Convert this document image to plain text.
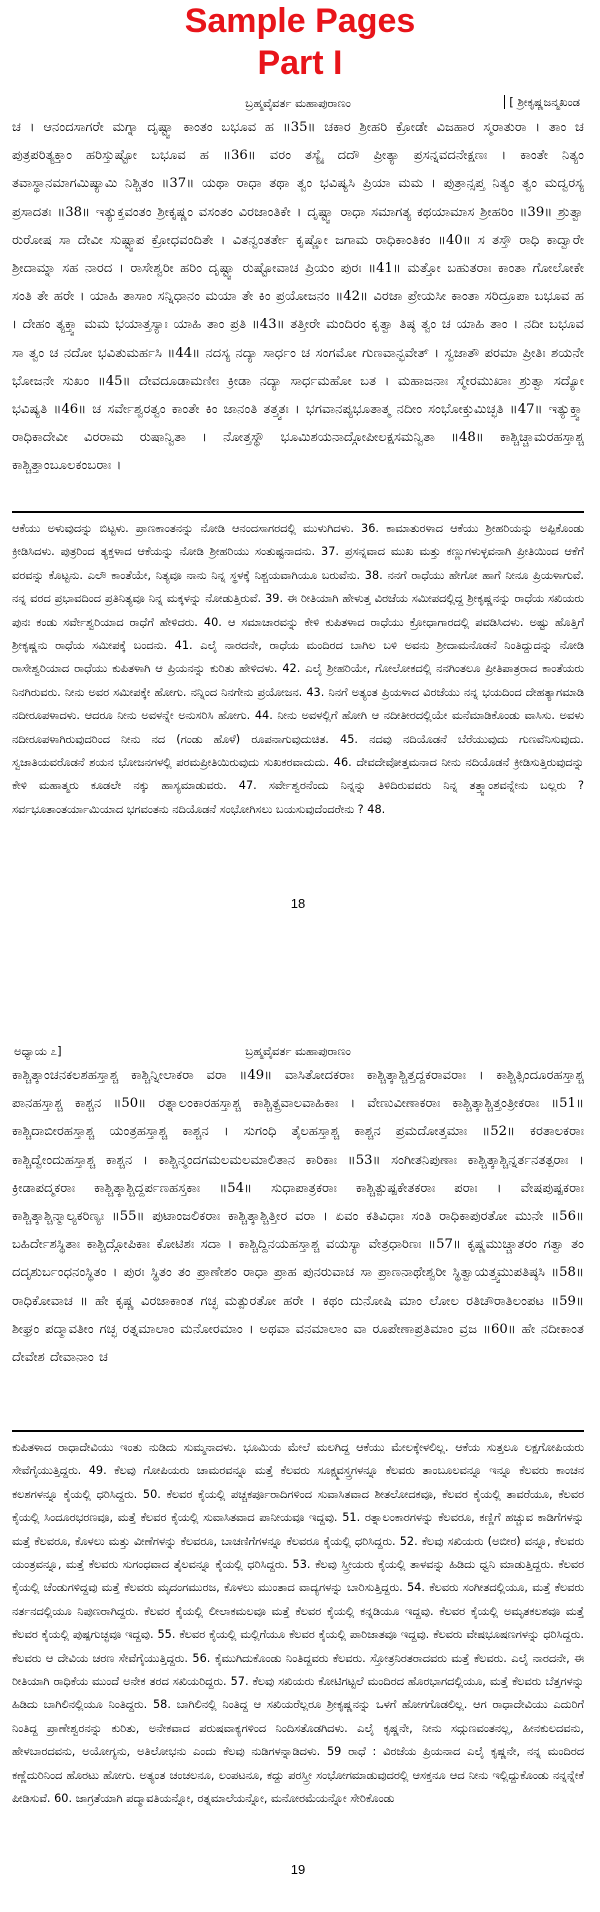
Sample Pages
Part I
ಬ್ರಹ್ಮವೈವರ್ತ ಮಹಾಪುರಾಣಂ	[ ಶ್ರೀಕೃಷ್ಣಜನ್ಮಖಂಡ

ಚ । ಆನಂದಸಾಗರೇ ಮಗ್ನಾ ದೃಷ್ಟ್ವಾ ಕಾಂತಂ ಬಭೂವ ಹ ॥35॥ ಚಕಾರ ಶ್ರೀಹರಿ ಕ್ರೋಡೇ ವಿಜಹಾರ ಸ್ಮರಾತುರಾ । ತಾಂ ಚ ಪುತ್ರಪರಿತ್ಯಕ್ತಾಂ ಹರಿಸ್ತುಷ್ಟೋ ಬಭೂವ ಹ ॥36॥ ವರಂ ತಸ್ಯೈ ದದೌ ಪ್ರೀತ್ಯಾ ಪ್ರಸನ್ನವದನೇಕ್ಷಣಃ । ಕಾಂತೇ ನಿತ್ಯಂ ತವಾಸ್ಥಾನಮಾಗಮಿಷ್ಯಾಮಿ ನಿಶ್ಚಿತಂ ॥37॥ ಯಥಾ ರಾಧಾ ತಥಾ ತ್ವಂ ಭವಿಷ್ಯಸಿ ಪ್ರಿಯಾ ಮಮ । ಪುತ್ರಾನ್ಸಪ್ತ ನಿತ್ಯಂ ತ್ವಂ ಮದ್ವರಸ್ಯ ಪ್ರಸಾದತಃ ॥38॥ ಇತ್ಯುಕ್ತವಂತಂ ಶ್ರೀಕೃಷ್ಣಂ ವಸಂತಂ ವಿರಜಾಂತಿಕೇ । ದೃಷ್ಟ್ವಾ ರಾಧಾ ಸಮಾಗತ್ಯ ಕಥಯಾಮಾಸ ಶ್ರೀಹರಿಂ ॥39॥ ಶ್ರುತ್ವಾ ರುರೋಷ ಸಾ ದೇವೀ ಸುಷ್ಟ್ವಾಪ ಕ್ರೋಧವಂದಿತೇ । ವಿತನ್ವಂತರ್ತೇ ಕೃಷ್ಣೋ ಜಗಾಮ ರಾಧಿಕಾಂತಿಕಂ ॥40॥ ಸ ತಸ್ತೌ ರಾಧಿ ಕಾದ್ವಾರೇ ಶ್ರೀದಾಮ್ನಾ ಸಹ ನಾರದ । ರಾಸೇಶ್ವರೀ ಹರಿಂ ದೃಷ್ಟ್ವಾ ರುಷ್ಟೋವಾಚ ಪ್ರಿಯಂ ಪುರಃ ॥41॥ ಮತ್ತೋ ಬಹುತರಾಃ ಕಾಂತಾ ಗೋಲೋಕೇ ಸಂತಿ ತೇ ಹರೇ । ಯಾಹಿ ತಾಸಾಂ ಸನ್ನಿಧಾನಂ ಮಯಾ ತೇ ಕಿಂ ಪ್ರಯೋಜನಂ ॥42॥ ವಿರಜಾ ಪ್ರೇಯಸೀ ಕಾಂತಾ ಸರಿದ್ರೂಪಾ ಬಭೂವ ಹ । ದೇಹಂ ತ್ಯಕ್ತ್ವಾ ಮಮ ಭಯಾತ್ತಸ್ಯಾಃ ಯಾಹಿ ತಾಂ ಪ್ರತಿ ॥43॥ ತತ್ತೀರೇ ಮಂದಿರಂ ಕೃತ್ವಾ ತಿಷ್ಠ ತ್ವಂ ಚ ಯಾಹಿ ತಾಂ । ನದೀ ಬಭೂವ ಸಾ ತ್ವಂ ಚ ನದೋ ಭವಿತುಮರ್ಹಸಿ ॥44॥ ನದಸ್ಯ ನದ್ಯಾ ಸಾರ್ಧಂ ಚ ಸಂಗಮೋ ಗುಣವಾನ್ಭವೇತ್ । ಸ್ವಜಾತೌ ಪರಮಾ ಪ್ರೀತಿಃ ಶಯನೇ ಭೋಜನೇ ಸುಖಂ ॥45॥ ದೇವದೂಡಾಮಣೀಃ ಕ್ರೀಡಾ ನದ್ಯಾ ಸಾರ್ಧಮಹೋ ಬತ । ಮಹಾಜನಾಃ ಸ್ಮೇರಮುಖಾಃ ಶ್ರುತ್ವಾ ಸದ್ಯೋ ಭವಿಷ್ಯತಿ ॥46॥ ಚ ಸರ್ವೇಶ್ವರತ್ವಂ ಕಾಂತೇ ಕಿಂ ಜಾನಂತಿ ತತ್ತ್ವತಃ । ಭಗವಾನಪ್ಯಭೂತಾತ್ಮ ನದೀಂ ಸಂಭೋಕ್ತುಮಿಚ್ಛತಿ ॥47॥ ಇತ್ಯುಕ್ತ್ವಾ ರಾಧಿಕಾದೇವೀ ವಿರರಾಮ ರುಷಾನ್ವಿತಾ । ನೋತ್ತಸ್ಥೌ ಭೂಮಿಶಯನಾದ್ಗೋಪೀಲಕ್ಷಸಮನ್ವಿತಾ ॥48॥ ಕಾಶ್ಚಿಚ್ಚಾಮರಹಸ್ತಾಶ್ಚ ಕಾಶ್ಚಿತ್ತಾಂಬೂಲಕಂಬರಾಃ ।

ಆಕೆಯು ಅಳುವುದನ್ನು ಬಿಟ್ಟಳು. ಪ್ರಾಣಕಾಂತನನ್ನು ನೋಡಿ ಆನಂದಸಾಗರದಲ್ಲಿ ಮುಳುಗಿದಳು. 36. ಕಾಮಾತುರಳಾದ ಆಕೆಯು ಶ್ರೀಹರಿಯನ್ನು ಅಪ್ಪಿಕೊಂಡು ಕ್ರೀಡಿಸಿದಳು. ಪುತ್ರರಿಂದ ತ್ಯಕ್ತಳಾದ ಆಕೆಯನ್ನು ನೋಡಿ ಶ್ರೀಹರಿಯು ಸಂತುಷ್ಟನಾದನು. 37. ಪ್ರಸನ್ನವಾದ ಮುಖ ಮತ್ತು ಕಣ್ಣುಗಳುಳ್ಳವನಾಗಿ ಪ್ರೀತಿಯಿಂದ ಆಕೆಗೆ ವರವನ್ನು ಕೊಟ್ಟನು. ಎಲೌ ಕಾಂತೆಯೇ, ನಿತ್ಯವೂ ನಾನು ನಿನ್ನ ಸ್ಥಳಕ್ಕೆ ನಿಶ್ಚಯವಾಗಿಯೂ ಬರುವೆನು. 38. ನನಗೆ ರಾಧೆಯು ಹೇಗೋ ಹಾಗೆ ನೀನೂ ಪ್ರಿಯಳಾಗುವೆ. ನನ್ನ ವರದ ಪ್ರಭಾವದಿಂದ ಪ್ರತಿನಿತ್ಯವೂ ನಿನ್ನ ಮಕ್ಕಳನ್ನು ನೋಡುತ್ತಿರುವೆ. 39. ಈ ರೀತಿಯಾಗಿ ಹೇಳುತ್ತ ವಿರಜೆಯ ಸಮೀಪದಲ್ಲಿದ್ದ ಶ್ರೀಕೃಷ್ಣನನ್ನು ರಾಧೆಯ ಸಖಿಯರು ಪುನಃ ಕಂಡು ಸರ್ವೇಶ್ವರಿಯಾದ ರಾಧೆಗೆ ಹೇಳಿದರು. 40. ಆ ಸಮಾಚಾರವನ್ನು ಕೇಳಿ ಕುಪಿತಳಾದ ರಾಧೆಯು ಕ್ರೋಧಾಗಾರದಲ್ಲಿ ಪವಡಿಸಿದಳು. ಅಷ್ಟು ಹೊತ್ತಿಗೆ ಶ್ರೀಕೃಷ್ಣನು ರಾಧೆಯ ಸಮೀಪಕ್ಕೆ ಬಂದನು. 41. ಎಲೈ ನಾರದನೇ, ರಾಧೆಯ ಮಂದಿರದ ಬಾಗಿಲ ಬಳಿ ಅವನು ಶ್ರೀದಾಮನೊಡನೆ ನಿಂತಿದ್ದುದನ್ನು ನೋಡಿ ರಾಸೇಶ್ವರಿಯಾದ ರಾಧೆಯು ಕುಪಿತಳಾಗಿ ಆ ಪ್ರಿಯನನ್ನು ಕುರಿತು ಹೇಳಿದಳು. 42. ಎಲೈ ಶ್ರೀಹರಿಯೇ, ಗೋಲೋಕದಲ್ಲಿ ನನಗಿಂತಲೂ ಪ್ರೀತಿಪಾತ್ರರಾದ ಕಾಂತೆಯರು ನಿನಗಿರುವರು. ನೀನು ಅವರ ಸಮೀಪಕ್ಕೇ ಹೋಗು. ನನ್ನಿಂದ ನಿನಗೇನು ಪ್ರಯೋಜನ. 43. ನಿನಗೆ ಅತ್ಯಂತ ಪ್ರಿಯಳಾದ ವಿರಜೆಯು ನನ್ನ ಭಯದಿಂದ ದೇಹತ್ಯಾಗಮಾಡಿ ನದೀರೂಪಳಾದಳು. ಆದರೂ ನೀನು ಅವಳನ್ನೇ ಅನುಸರಿಸಿ ಹೋಗು. 44. ನೀನು ಅವಳಲ್ಲಿಗೆ ಹೋಗಿ ಆ ನದೀತೀರದಲ್ಲಿಯೇ ಮನೆಮಾಡಿಕೊಂಡು ವಾಸಿಸು. ಅವಳು ನದೀರೂಪಳಾಗಿರುವುದರಿಂದ ನೀನು ನದ (ಗಂಡು ಹೊಳೆ) ರೂಪನಾಗುವುದುಚಿತ. 45. ನದವು ನದಿಯೊಡನೆ ಬೆರೆಯುವುದು ಗುಣವೆನಿಸುವುದು. ಸ್ವಜಾತಿಯವರೊಡನೆ ಶಯನ ಭೋಜನಗಳಲ್ಲಿ ಪರಮಪ್ರೀತಿಯಿರುವುದು ಸುಖಕರವಾದುದು. 46. ದೇವದೇವೋತ್ತಮನಾದ ನೀನು ನದಿಯೊಡನೆ ಕ್ರೀಡಿಸುತ್ತಿರುವುದನ್ನು ಕೇಳಿ ಮಹಾತ್ಮರು ಕೂಡಲೇ ನಕ್ಕು ಹಾಸ್ಯಮಾಡುವರು. 47. ಸರ್ವೇಶ್ವರನೆಂದು ನಿನ್ನನ್ನು ತಿಳಿದಿರುವವರು ನಿನ್ನ ತತ್ತ್ವಾಂಶವನ್ನೇನು ಬಲ್ಲರು ? ಸರ್ವಭೂತಾಂತರ್ಯಾಮಿಯಾದ ಭಗವಂತನು ನದಿಯೊಡನೆ ಸಂಭೋಗಿಸಲು ಬಯಸುವುದೆಂದರೇನು ? 48.

18
ಅಧ್ಯಾಯ ೭]	ಬ್ರಹ್ಮವೈವರ್ತ ಮಹಾಪುರಾಣಂ

ಕಾಶ್ಚಿತ್ಕಾಂಚನಕಲಶಹಸ್ತಾಶ್ಚ ಕಾಶ್ಚಿನ್ನೀಲಾಕರಾ ವರಾ ॥49॥ ವಾಸಿತೋದಕರಾಃ ಕಾಶ್ಚಿತ್ಕಾಶ್ಚಿತ್ತದ್ದಕರಾವರಾಃ । ಕಾಶ್ಚಿತ್ಸಿಂದೂರಹಸ್ತಾಶ್ಚ ಪಾನಹಸ್ತಾಶ್ಚ ಕಾಶ್ಚನ ॥50॥ ರತ್ನಾಲಂಕಾರಹಸ್ತಾಶ್ಚ ಕಾಶ್ಚಿತ್ಪ್ರವಾಲವಾಹಿಕಾಃ । ವೇಣುವೀಣಾಕರಾಃ ಕಾಶ್ಚಿತ್ಕಾಶ್ಚಿತ್ತಂತ್ರೀಕರಾಃ ॥51॥ ಕಾಶ್ಚಿದಾಬೀರಹಸ್ತಾಶ್ಚ ಯಂತ್ರಹಸ್ತಾಶ್ಚ ಕಾಶ್ಚನ । ಸುಗಂಧಿ ತೈಲಹಸ್ತಾಶ್ಚ ಕಾಶ್ಚನ ಪ್ರಮದೋತ್ತಮಾಃ ॥52॥ ಕರತಾಲಕರಾಃ ಕಾಶ್ಚಿದ್ವೇಂದುಹಸ್ತಾಶ್ಚ ಕಾಶ್ಚನ । ಕಾಶ್ಚಿನ್ಮಂದಗಮಲಮಲಮಾಲಿತಾನ ಕಾರಿಕಾಃ ॥53॥ ಸಂಗೀತನಿಪುಣಾಃ ಕಾಶ್ಚಿತ್ಕಾಶ್ಚಿನ್ನರ್ತನತತ್ಪರಾಃ । ಕ್ರೀಡಾಪದ್ಮಕರಾಃ ಕಾಶ್ಚಿತ್ಕಾಶ್ಚಿದ್ದರ್ಪಣಹಸ್ತಕಾಃ ॥54॥ ಸುಧಾಪಾತ್ರಕರಾಃ ಕಾಶ್ಚಿತ್ಪುಷ್ಪಕೇತಕರಾಃ ಪರಾಃ । ವೇಷಪುಷ್ಪಕರಾಃ ಕಾಶ್ಚಿತ್ಕಾಶ್ಚಿನ್ಮಾಲ್ಯಕರಿಣ್ಯಃ ॥55॥ ಪುಟಾಂಜಲಿಕರಾಃ ಕಾಶ್ಚಿತ್ಕಾಶ್ಚಿತ್ತೀರ ವರಾ । ಏವಂ ಕತಿವಿಧಾಃ ಸಂತಿ ರಾಧಿಕಾಪುರತೋ ಮುನೇ ॥56॥ ಬಹಿರ್ದೇಶಸ್ಥಿತಾಃ ಕಾಶ್ಚಿದ್ಗೋಪಿಕಾಃ ಕೋಟಿಶಃ ಸದಾ । ಕಾಶ್ಚಿದ್ದಿನಯಹಸ್ತಾಶ್ಚ ವಯಸ್ಯಾ ವೇತ್ರಧಾರಿಣಃ ॥57॥ ಕೃಷ್ಣಮುಚ್ಚಾತರಂ ಗತ್ವಾ ತಂ ದದೃಶುರ್ಬಂಧನಂಸ್ಥಿತಂ । ಪುರಃ ಸ್ಥಿತಂ ತಂ ಪ್ರಾಣೇಶಂ ರಾಧಾ ಪ್ರಾಹ ಪುನರುವಾಚ ಸಾ ಪ್ರಾಣನಾಥೇಶ್ವರೀ ಸ್ಥಿತ್ವಾಯತ್ತ್ವಮುಪತಿಷ್ಠಸಿ ॥58॥ ರಾಧಿಕೋವಾಚ ॥ ಹೇ ಕೃಷ್ಣ ವಿರಜಾಕಾಂತ ಗಚ್ಛ ಮತ್ಪುರತೋ ಹರೇ । ಕಥಂ ದುನೋಷಿ ಮಾಂ ಲೋಲ ರತಿಚೌರಾತಿಲಂಪಟ ॥59॥ ಶೀಘ್ರಂ ಪದ್ಮಾವತೀಂ ಗಚ್ಛ ರತ್ನಮಾಲಾಂ ಮನೋರಮಾಂ । ಅಥವಾ ವನಮಾಲಾಂ ವಾ ರೂಪೇಣಾಪ್ರತಿಮಾಂ ವ್ರಜ ॥60॥ ಹೇ ನದೀಕಾಂತ ದೇವೇಶ ದೇವಾನಾಂ ಚ

ಕುಪಿತಳಾದ ರಾಧಾದೇವಿಯು ಇಂತು ನುಡಿದು ಸುಮ್ಮನಾದಳು. ಭೂಮಿಯ ಮೇಲೆ ಮಲಗಿದ್ದ ಆಕೆಯು ಮೇಲಕ್ಕೇಳಲಿಲ್ಲ. ಆಕೆಯ ಸುತ್ತಲೂ ಲಕ್ಷಗೋಪಿಯರು ಸೇವೆಗೈಯುತ್ತಿದ್ದರು. 49. ಕೆಲವು ಗೋಪಿಯರು ಚಾಮರವನ್ನೂ ಮತ್ತೆ ಕೆಲವರು ಸೂಕ್ಷ್ಮವಸ್ತ್ರಗಳನ್ನೂ ಕೆಲವರು ತಾಂಬೂಲವನ್ನೂ ಇನ್ನೂ ಕೆಲವರು ಕಾಂಚನ ಕಲಶಗಳನ್ನೂ ಕೈಯಲ್ಲಿ ಧರಿಸಿದ್ದರು. 50. ಕೆಲವರ ಕೈಯಲ್ಲಿ ಪಚ್ಚಕರ್ಪೂರಾದಿಗಳಿಂದ ಸುವಾಸಿತವಾದ ಶೀತಲೋದಕವೂ, ಕೆಲವರ ಕೈಯಲ್ಲಿ ತಾವರೆಯೂ, ಕೆಲವರ ಕೈಯಲ್ಲಿ ಸಿಂದೂರಭರಣವೂ, ಮತ್ತೆ ಕೆಲವರ ಕೈಯಲ್ಲಿ ಸುವಾಸಿತವಾದ ಪಾನೀಯವೂ ಇದ್ದವು. 51. ರತ್ನಾಲಂಕಾರಗಳನ್ನು ಕೆಲವರೂ, ಕಣ್ಣಿಗೆ ಹಚ್ಚುವ ಕಾಡಿಗೆಗಳನ್ನು ಮತ್ತೆ ಕೆಲವರೂ, ಕೊಳಲು ಮತ್ತು ವೀಣೆಗಳನ್ನು ಕೆಲವರೂ, ಬಾಚಣಿಗೆಗಳನ್ನೂ ಕೆಲವರೂ ಕೈಯಲ್ಲಿ ಧರಿಸಿದ್ದರು. 52. ಕೆಲವು ಸಖಿಯರು (ಅಬೀರ) ವನ್ನೂ, ಕೆಲವರು ಯಂತ್ರವನ್ನೂ, ಮತ್ತೆ ಕೆಲವರು ಸುಗಂಧವಾದ ತೈಲವನ್ನೂ ಕೈಯಲ್ಲಿ ಧರಿಸಿದ್ದರು. 53. ಕೆಲವು ಸ್ತ್ರೀಯರು ಕೈಯಲ್ಲಿ ತಾಳವನ್ನು ಹಿಡಿದು ಧ್ವನಿ ಮಾಡುತ್ತಿದ್ದರು. ಕೆಲವರ ಕೈಯಲ್ಲಿ ಚೆಂಡುಗಳಿದ್ದವು ಮತ್ತೆ ಕೆಲವರು ಮೃದಂಗಮುರಜ, ಕೊಳಲು ಮುಂತಾದ ವಾದ್ಯಗಳನ್ನು ಬಾರಿಸುತ್ತಿದ್ದರು. 54. ಕೆಲವರು ಸಂಗೀತದಲ್ಲಿಯೂ, ಮತ್ತೆ ಕೆಲವರು ನರ್ತನದಲ್ಲಿಯೂ ನಿಪುಣರಾಗಿದ್ದರು. ಕೆಲವರ ಕೈಯಲ್ಲಿ ಲೀಲಾಕಮಲವೂ ಮತ್ತೆ ಕೆಲವರ ಕೈಯಲ್ಲಿ ಕನ್ನಡಿಯೂ ಇದ್ದವು. ಕೆಲವರ ಕೈಯಲ್ಲಿ ಅಮೃತಕಲಶವೂ ಮತ್ತೆ ಕೆಲವರ ಕೈಯಲ್ಲಿ ಪುಷ್ಪಗುಚ್ಛವೂ ಇದ್ದವು. 55. ಕೆಲವರ ಕೈಯಲ್ಲಿ ಮಲ್ಲಿಗೆಯೂ ಕೆಲವರ ಕೈಯಲ್ಲಿ ಪಾರಿಜಾತವೂ ಇದ್ದವು. ಕೆಲವರು ವೇಷಭೂಷಣಗಳನ್ನು ಧರಿಸಿದ್ದರು. ಕೆಲವರು ಆ ದೇವಿಯ ಚರಣ ಸೇವೆಗೈಯುತ್ತಿದ್ದರು. 56. ಕೈಮುಗಿದುಕೊಂಡು ನಿಂತಿದ್ದವರು ಕೆಲವರು. ಸ್ತೋತ್ರನಿರತರಾದವರು ಮತ್ತೆ ಕೆಲವರು. ಎಲೈ ನಾರದನೇ, ಈ ರೀತಿಯಾಗಿ ರಾಧಿಕೆಯ ಮುಂದೆ ಅನೇಕ ತರದ ಸಖಿಯರಿದ್ದರು. 57. ಕೆಲವು ಸಖಿಯರು ಕೋಟಿಗಟ್ಟಲೆ ಮಂದಿರದ ಹೊರಭಾಗದಲ್ಲಿಯೂ, ಮತ್ತೆ ಕೆಲವರು ಬೆತ್ತಗಳನ್ನು ಹಿಡಿದು ಬಾಗಿಲಿನಲ್ಲಿಯೂ ನಿಂತಿದ್ದರು. 58. ಬಾಗಿಲಿನಲ್ಲಿ ನಿಂತಿದ್ದ ಆ ಸಖಿಯರೆಲ್ಲರೂ ಶ್ರೀಕೃಷ್ಣನನ್ನು ಒಳಗೆ ಹೋಗಗೊಡಲಿಲ್ಲ. ಆಗ ರಾಧಾದೇವಿಯು ಎದುರಿಗೆ ನಿಂತಿದ್ದ ಪ್ರಾಣೇಶ್ವರನನ್ನು ಕುರಿತು, ಅನೇಕವಾದ ಪರುಷವಾಕ್ಯಗಳಿಂದ ನಿಂದಿಸತೊಡಗಿದಳು. ಎಲೈ ಕೃಷ್ಣನೇ, ನೀನು ಸದ್ಗುಣವಂತನಲ್ಲ, ಹೀನಕುಲದವನು, ಹೇಳಬಾರದವನು, ಅಯೋಗ್ಯನು, ಅತಿಲೋಭನು ಎಂದು ಕೆಲವು ನುಡಿಗಳನ್ನಾಡಿದಳು. 59 ರಾಧೆ : ವಿರಜೆಯ ಪ್ರಿಯನಾದ ಎಲೈ ಕೃಷ್ಣನೇ, ನನ್ನ ಮಂದಿರದ ಕಣ್ಣೆದುರಿನಿಂದ ಹೊರಟು ಹೋಗು. ಅತ್ಯಂತ ಚಂಚಲನೂ, ಲಂಪಟನೂ, ಕದ್ದು ಪರಸ್ತ್ರೀ ಸಂಭೋಗಮಾಡುವುದರಲ್ಲಿ ಆಸಕ್ತನೂ ಆದ ನೀನು ಇಲ್ಲಿದ್ದುಕೊಂಡು ನನ್ನನ್ನೇಕೆ ಪೀಡಿಸುವೆ. 60. ಜಾಗ್ರತೆಯಾಗಿ ಪದ್ಮಾವತಿಯನ್ನೋ, ರತ್ನಮಾಲೆಯನ್ನೋ, ಮನೋರಮೆಯನ್ನೋ ಸೇರಿಕೊಂಡು

19
